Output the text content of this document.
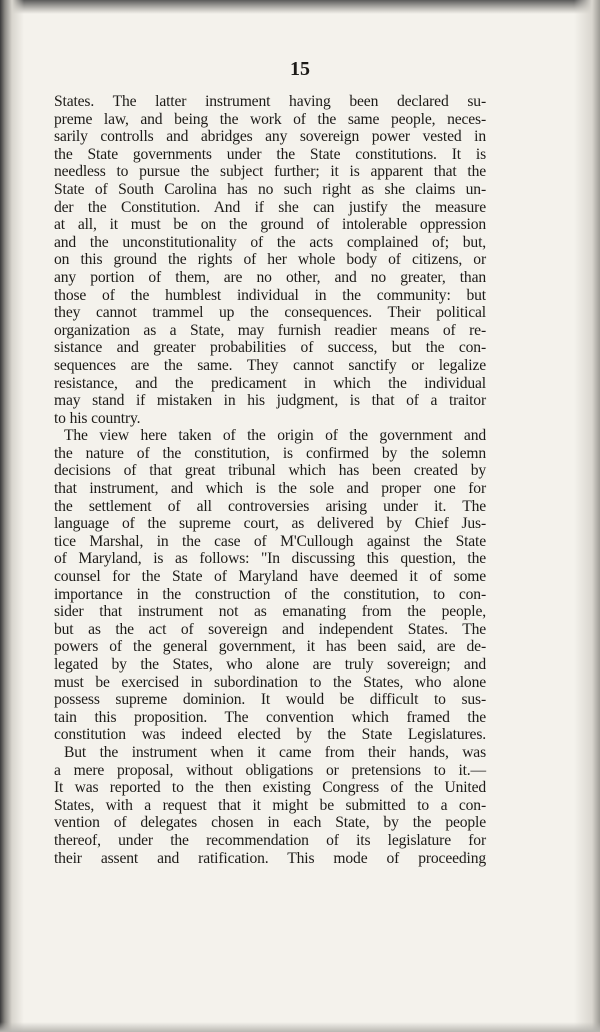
15
States. The latter instrument having been declared su-
preme law, and being the work of the same people, neces-
sarily controlls and abridges any sovereign power vested in
the State governments under the State constitutions. It is
needless to pursue the subject further; it is apparent that the
State of South Carolina has no such right as she claims un-
der the Constitution. And if she can justify the measure
at all, it must be on the ground of intolerable oppression
and the unconstitutionality of the acts complained of; but,
on this ground the rights of her whole body of citizens, or
any portion of them, are no other, and no greater, than
those of the humblest individual in the community: but
they cannot trammel up the consequences. Their political
organization as a State, may furnish readier means of re-
sistance and greater probabilities of success, but the con-
sequences are the same. They cannot sanctify or legalize
resistance, and the predicament in which the individual
may stand if mistaken in his judgment, is that of a traitor
to his country.
The view here taken of the origin of the government and
the nature of the constitution, is confirmed by the solemn
decisions of that great tribunal which has been created by
that instrument, and which is the sole and proper one for
the settlement of all controversies arising under it. The
language of the supreme court, as delivered by Chief Jus-
tice Marshal, in the case of M'Cullough against the State
of Maryland, is as follows: "In discussing this question, the
counsel for the State of Maryland have deemed it of some
importance in the construction of the constitution, to con-
sider that instrument not as emanating from the people,
but as the act of sovereign and independent States. The
powers of the general government, it has been said, are de-
legated by the States, who alone are truly sovereign; and
must be exercised in subordination to the States, who alone
possess supreme dominion. It would be difficult to sus-
tain this proposition. The convention which framed the
constitution was indeed elected by the State Legislatures.
But the instrument when it came from their hands, was
a mere proposal, without obligations or pretensions to it.—
It was reported to the then existing Congress of the United
States, with a request that it might be submitted to a con-
vention of delegates chosen in each State, by the people
thereof, under the recommendation of its legislature for
their assent and ratification. This mode of proceeding
